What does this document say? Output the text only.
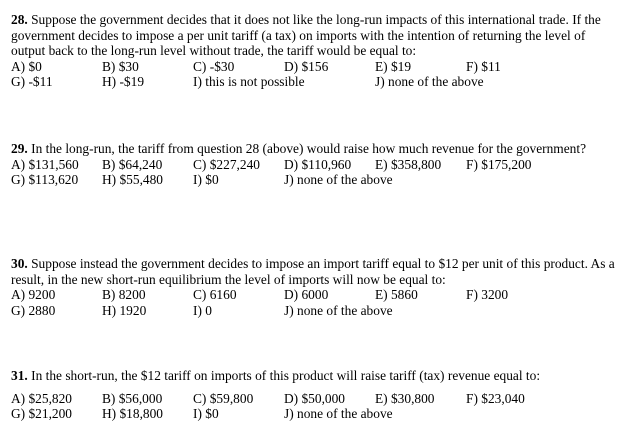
28. Suppose the government decides that it does not like the long-run impacts of this international trade. If the government decides to impose a per unit tariff (a tax) on imports with the intention of returning the level of output back to the long-run level without trade, the tariff would be equal to:

A) $0	B) $30	C) -$30	D) $156	E) $19	F) $11
G) -$11	H) -$19	I) this is not possible	J) none of the above

29. In the long-run, the tariff from question 28 (above) would raise how much revenue for the government?

A) $131,560 B) $64,240 C) $227,240 D) $110,960 E) $358,800 F) $175,200
G) $113,620 H) $55,480 I) $0	J) none of the above

30. Suppose instead the government decides to impose an import tariff equal to $12 per unit of this product. As a result, in the new short-run equilibrium the level of imports will now be equal to:

A) 9200	B) 8200	C) 6160	D) 6000	E) 5860	F) 3200
G) 2880	H) 1920	I) 0	J) none of the above

31. In the short-run, the $12 tariff on imports of this product will raise tariff (tax) revenue equal to:

A) $25,820 B) $56,000 C) $59,800 D) $50,000 E) $30,800 F) $23,040
G) $21,200 H) $18,800 I) $0	J) none of the above
